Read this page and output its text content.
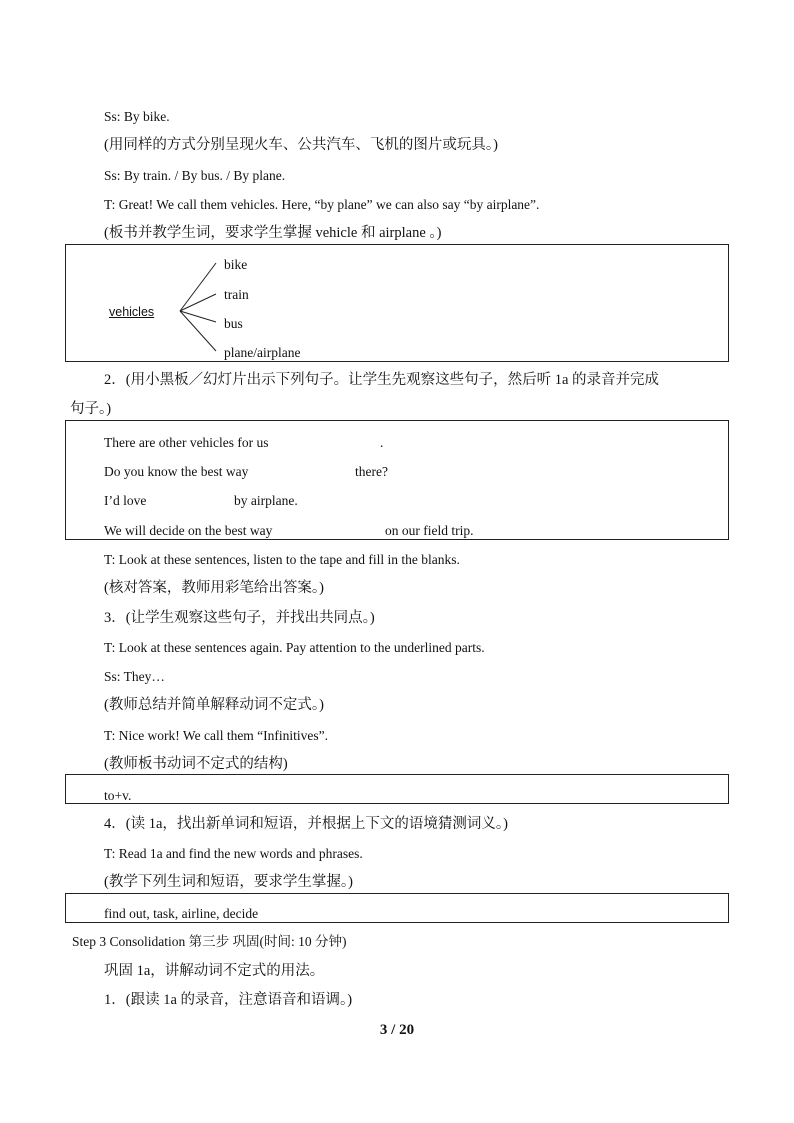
Ss: By bike.
(用同样的方式分别呈现火车、公共汽车、飞机的图片或玩具。)
Ss: By train. / By bus. / By plane.
T: Great! We call them vehicles. Here, “by plane” we can also say “by airplane”.
(板书并教学生词，要求学生掌握 vehicle 和 airplane 。)
vehicles
bike
train
bus
plane/airplane
2．(用小黑板／幻灯片出示下列句子。让学生先观察这些句子，然后听 1a 的录音并完成
句子。)
There are other vehicles for us	.
Do you know the best way	there?
I’d love	by airplane.
We will decide on the best way	on our field trip.
T: Look at these sentences, listen to the tape and fill in the blanks.
(核对答案，教师用彩笔给出答案。)
3．(让学生观察这些句子，并找出共同点。)
T: Look at these sentences again. Pay attention to the underlined parts.
Ss: They…
(教师总结并简单解释动词不定式。)
T: Nice work! We call them “Infinitives”.
(教师板书动词不定式的结构)
to+v.
4．(读 1a，找出新单词和短语，并根据上下文的语境猜测词义。)
T: Read 1a and find the new words and phrases.
(教学下列生词和短语，要求学生掌握。)
find out, task, airline, decide
Step 3 Consolidation 第三步 巩固(时间: 10 分钟)
巩固 1a，讲解动词不定式的用法。
1．(跟读 1a 的录音，注意语音和语调。)
3 / 20
